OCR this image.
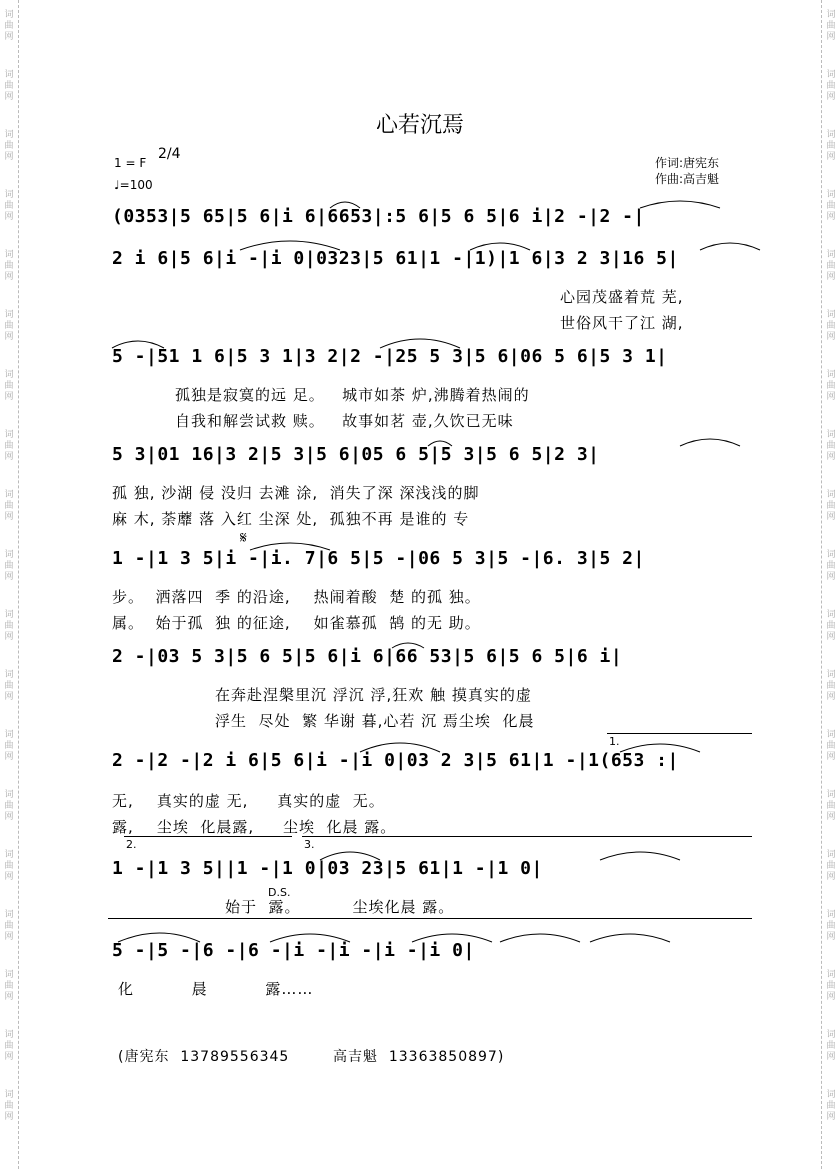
词曲网
词曲网
词曲网
词曲网
词曲网
词曲网
词曲网
词曲网
词曲网
词曲网
词曲网
词曲网
词曲网
词曲网
词曲网
词曲网
词曲网
词曲网
词曲网
词曲网
词曲网
词曲网
词曲网
词曲网
词曲网
词曲网
词曲网
词曲网
词曲网
词曲网
词曲网
词曲网
词曲网
词曲网
词曲网
词曲网
词曲网
词曲网
心若沉焉
1 = F
2/4
♩=100
作词:唐宪东
作曲:高吉魁
(0353|5 65|5 6|i 6|6653|:5 6|5 6 5|6 i|2 -|2 -|
2 i 6|5 6|i -|i 0|0323|5 61|1 -|1)|1 6|3 2 3|16 5|
心园茂盛着荒 芜,
世俗风干了江 湖,
5 -|51 1 6|5 3 1|3 2|2 -|25 5 3|5 6|06 5 6|5 3 1|
孤独是寂寞的远 足。   城市如茶 炉,沸腾着热闹的
自我和解尝试救 赎。   故事如茗 壶,久饮已无味
5 3|01 16|3 2|5 3|5 6|05 6 5|5 3|5 6 5|2 3|
孤 独, 沙湖 侵 没归 去滩 涂,  消失了深 深浅浅的脚
麻 木, 荼蘼 落 入红 尘深 处,  孤独不再 是谁的 专
𝄋
1 -|1 3 5|i -|i. 7|6 5|5 -|06 5 3|5 -|6. 3|5 2|
步。  洒落四  季 的沿途,    热闹着酸  楚 的孤 独。
属。  始于孤  独 的征途,    如雀慕孤  鹄 的无 助。
2 -|03 5 3|5 6 5|5 6|i 6|66 53|5 6|5 6 5|6 i|
在奔赴涅槃里沉 浮沉 浮,狂欢 触 摸真实的虚
浮生  尽处  繁 华谢 暮,心若 沉 焉尘埃  化晨
1.
2 -|2 -|2 i 6|5 6|i -|i 0|03 2 3|5 61|1 -|1(653 :|
无,    真实的虚 无,     真实的虚  无。
露,    尘埃  化晨露,     尘埃  化晨 露。
2.	3.
1 -|1 3 5||1 -|1 0|03 23|5 61|1 -|1 0|
D.S.
始于  露。         尘埃化晨 露。
5 -|5 -|6 -|6 -|i -|i -|i -|i 0|
化          晨          露……
(唐宪东  13789556345        高吉魁  13363850897)
